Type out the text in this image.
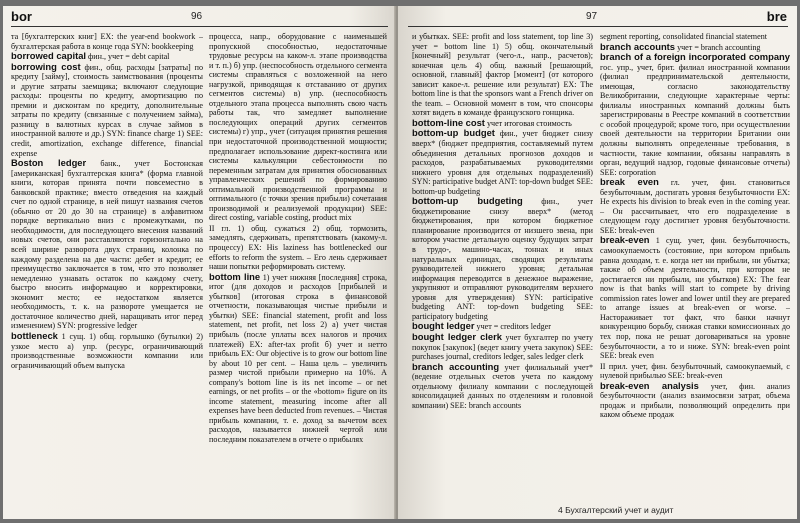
bor	96

та [бухгалтерских книг] EX: the year-end bookwork – бухгалтерская работа в конце года SYN: bookkeeping

borrowed capital фин., учет = debt capital

borrowing cost фин., общ. расходы [затраты] по кредиту [займу], стоимость заимствования (проценты и другие затраты заемщика; включают следующие расходы: проценты по кредиту, амортизацию по премии и дисконтам по кредиту, дополнительные затраты по кредиту (связанные с получением займа), разницу в валютных курсах в случае займов в иностранной валюте и др.) SYN: finance charge 1) SEE: credit, amortization, exchange difference, financial expense

Boston ledger банк., учет Бостонская [американская] бухгалтерская книга* (форма главной книги, которая принята почти повсеместно в банковской практике; вместо отведения на каждый счет по одной странице, в ней пишут названия счетов (обычно от 20 до 30 на странице) в алфавитном порядке вертикально вниз с промежутками, по необходимости, для последующего внесения названий новых счетов, они расставляются горизонтально на всей ширине разворота двух страниц, колонка по каждому разделена на две части: дебет и кредит; ее преимущество заключается в том, что это позволяет немедленно узнавать остаток по каждому счету, быстро вносить информацию и корректировки, экономит место; ее недостатком является необходимость, т. к. на развороте умещается не достаточное количество дней, наращивать итог перед изменением) SYN: progressive ledger

bottleneck 1 сущ. 1) общ. горлышко (бутылки) 2) узкое место а) упр. (ресурс, ограничивающий производственные возможности компании или ограничивающий объем выпуска

процесса, напр., оборудование с наименьшей пропускной способностью, недостаточные трудовые ресурсы на каком-л. этапе производства и т. п.) б) упр. (неспособность отдельного сегмента системы справляться с возложенной на него нагрузкой, приводящая к отставанию от других сегментов системы) в) упр. (неспособность отдельного этапа процесса выполнять свою часть работы так, что замедляет выполнение последующих операций других сегментов системы) г) упр., учет (ситуация принятия решения при недостаточной производственной мощности; предполагает использование директ-костинга или системы калькуляции себестоимости по переменным затратам для принятия обоснованных управленческих решений по формированию оптимальной производственной программы и оптимального (с точки зрения прибыли) сочетания производимой и реализуемой продукции) SEE: direct costing, variable costing, product mix

II гл. 1) общ. сужаться 2) общ. тормозить, замедлять, сдерживать, препятствовать (какому-л. процессу) EX: His laziness has bottlenecked our efforts to reform the system. – Его лень сдерживает наши попытки реформировать систему.

bottom line 1) учет нижняя [последняя] строка, итог (для доходов и расходов [прибылей и убытков] (итоговая строка в финансовой отчетности, показывающая чистые прибыли и убытки) SEE: financial statement, profit and loss statement, net profit, net loss 2) а) учет чистая прибыль (после уплаты всех налогов и прочих платежей) EX: after-tax profit б) учет и нетто прибыль EX: Our objective is to grow our bottom line by about 10 per cent. – Наша цель – увеличить размер чистой прибыли примерно на 10%. A company's bottom line is its net income – or net earnings, or net profits – or the «bottom» figure on its income statement, measuring income after all expenses have been deducted from revenues. – Чистая прибыль компании, т. е. доход за вычетом всех расходов, называется нижней чертой или последним показателем в отчете о прибылях

97	bre

и убытках. SEE: profit and loss statement, top line 3) учет = bottom line 1) 5) общ. окончательный [конечный] результат (чего-л., напр., расчетов); конечная цель 4) общ. важный [решающий, основной, главный] фактор [момент] (от которого зависит какое-л. решение или результат) EX: The bottom line is that the sponsors want a French driver on the team. – Основной момент в том, что спонсоры хотят видеть в команде французского гонщика.

bottom-line cost учет итоговая стоимость

bottom-up budget фин., учет бюджет снизу вверх* (бюджет предприятия, составляемый путем объединения детальных прогнозов доходов и расходов, разрабатываемых руководителями нижнего уровня для отдельных подразделений) SYN: participative budget ANT: top-down budget SEE: bottom-up budgeting

bottom-up budgeting фин., учет бюджетирование снизу вверх* (метод бюджетирования, при котором бюджетное планирование производится от низшего звена, при котором участие детальную оценку будущих затрат в трудо-, машино-часах, тоннах и иных натуральных единицах, сводящих результаты руководителей нижнего уровня; детальная информация переводится в денежное выражение, укрупняют и отправляют руководителям верхнего уровня для утверждения) SYN: participative budgeting ANT: top-down budgeting SEE: participatory budgeting

bought ledger учет = creditors ledger

bought ledger clerk учет бухгалтер по учету покупок [закупок] (ведет книгу учета закупок) SEE: purchases journal, creditors ledger, sales ledger clerk

branch accounting учет филиальный учет* (ведение отдельных счетов учета по каждому отдельному филиалу компании с последующей консолидацией данных по отделениям и головной компании) SEE: branch accounts

segment reporting, consolidated financial statement

branch accounts учет = branch accounting

branch of a foreign incorporated company гос. упр., учет, брит. филиал иностранной компании (филиал предпринимательской деятельности, имеющая, согласно законодательству Великобритании, следующие характерные черты: филиалы иностранных компаний должны быть зарегистрированы в Реестре компаний в соответствии с особой процедурой; кроме того, при осуществлении своей деятельности на территории Британии они должны выполнять определенные требования, в частности, такие компании, обязаны направлять в орган, ведущий надзор, годовые финансовые отчеты) SEE: corporation

break even гл. учет, фин. становиться безубыточным, достигать уровня безубыточности EX: He expects his division to break even in the coming year. – Он рассчитывает, что его подразделение в следующем году достигнет уровня безубыточности. SEE: break-even

break-even 1 сущ. учет, фин. безубыточность, самоокупаемость (состояние, при котором прибыль равна доходам, т. е. когда нет ни прибыли, ни убытка; также об объем деятельности, при котором не достигается ни прибыли, ни убытков) EX: The fear now is that banks will start to compete by driving commission rates lower and lower until they are prepared to arrange issues at break-even or worse. – Настораживает тот факт, что банки начнут конкуренцию борьбу, снижая ставки комиссионных до тех пор, пока не решат договариваться на уровне безубыточности, а то и ниже. SYN: break-even point SEE: break even

II прил. учет, фин. безубыточный, самоокупаемый, с нулевой прибылью SEE: break-even

break-even analysis учет, фин. анализ безубыточности (анализ взаимосвязи затрат, объема продаж и прибыли, позволяющий определить при каком объеме продаж

4 Бухгалтерский учет и аудит
